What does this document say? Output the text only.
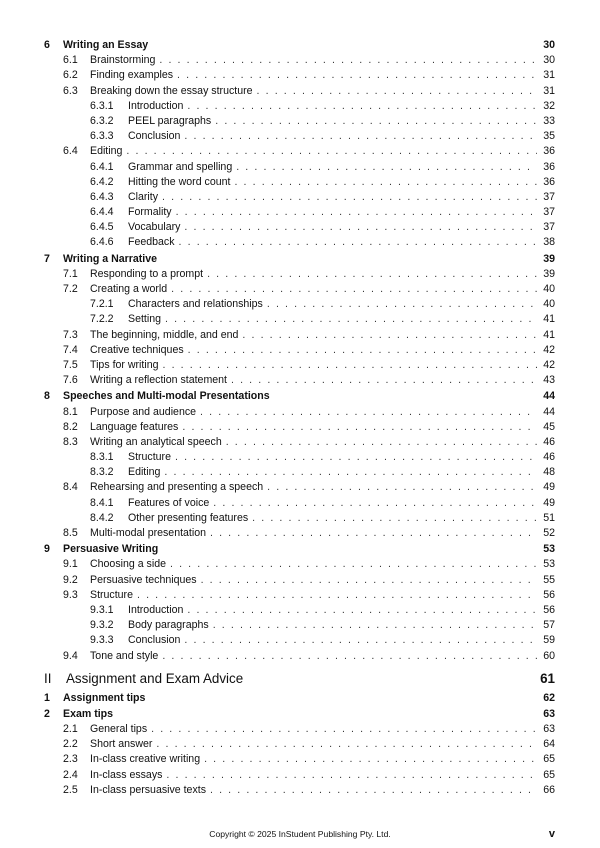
6	Writing an Essay	30
6.1	Brainstorming . . .	30
6.2	Finding examples . . .	31
6.3	Breaking down the essay structure . . .	31
6.3.1	Introduction . . .	32
6.3.2	PEEL paragraphs . . .	33
6.3.3	Conclusion . . .	35
6.4	Editing . . .	36
6.4.1	Grammar and spelling . . .	36
6.4.2	Hitting the word count . . .	36
6.4.3	Clarity . . .	37
6.4.4	Formality . . .	37
6.4.5	Vocabulary . . .	37
6.4.6	Feedback . . .	38
7	Writing a Narrative	39
7.1	Responding to a prompt . . .	39
7.2	Creating a world . . .	40
7.2.1	Characters and relationships . . .	40
7.2.2	Setting . . .	41
7.3	The beginning, middle, and end . . .	41
7.4	Creative techniques . . .	42
7.5	Tips for writing . . .	42
7.6	Writing a reflection statement . . .	43
8	Speeches and Multi-modal Presentations	44
8.1	Purpose and audience . . .	44
8.2	Language features . . .	45
8.3	Writing an analytical speech . . .	46
8.3.1	Structure . . .	46
8.3.2	Editing . . .	48
8.4	Rehearsing and presenting a speech . . .	49
8.4.1	Features of voice . . .	49
8.4.2	Other presenting features . . .	51
8.5	Multi-modal presentation . . .	52
9	Persuasive Writing	53
9.1	Choosing a side . . .	53
9.2	Persuasive techniques . . .	55
9.3	Structure . . .	56
9.3.1	Introduction . . .	56
9.3.2	Body paragraphs . . .	57
9.3.3	Conclusion . . .	59
9.4	Tone and style . . .	60
II	Assignment and Exam Advice	61
1	Assignment tips	62
2	Exam tips	63
2.1	General tips . . .	63
2.2	Short answer . . .	64
2.3	In-class creative writing . . .	65
2.4	In-class essays . . .	65
2.5	In-class persuasive texts . . .	66
Copyright © 2025 InStudent Publishing Pty. Ltd.	v
